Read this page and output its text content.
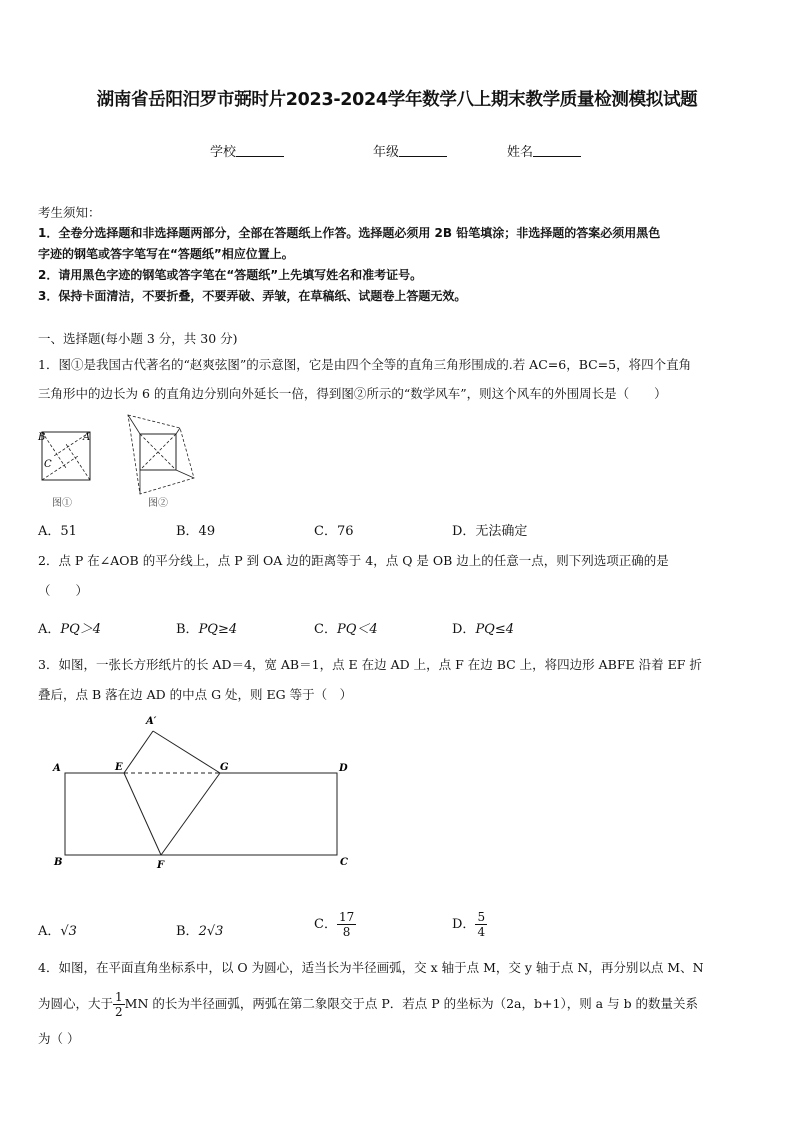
湖南省岳阳汨罗市弼时片2023-2024学年数学八上期末教学质量检测模拟试题
学校	年级	姓名
考生须知：
1．全卷分选择题和非选择题两部分，全部在答题纸上作答。选择题必须用 2B 铅笔填涂；非选择题的答案必须用黑色
字迹的钢笔或答字笔写在“答题纸”相应位置上。
2．请用黑色字迹的钢笔或答字笔在“答题纸”上先填写姓名和准考证号。
3．保持卡面清洁，不要折叠，不要弄破、弄皱，在草稿纸、试题卷上答题无效。
一、选择题(每小题 3 分，共 30 分)
1．图①是我国古代著名的“赵爽弦图”的示意图，它是由四个全等的直角三角形围成的.若 AC=6，BC=5，将四个直角
三角形中的边长为 6 的直角边分别向外延长一倍，得到图②所示的“数学风车”，则这个风车的外围周长是（　　）
B	A
C
图①	图②
A．51	B．49	C．76	D．无法确定
2．点 P 在∠AOB 的平分线上，点 P 到 OA 边的距离等于 4，点 Q 是 OB 边上的任意一点，则下列选项正确的是
（　　）
A．PQ＞4	B．PQ≥4	C．PQ＜4	D．PQ≤4
3．如图，一张长方形纸片的长 AD＝4，宽 AB＝1，点 E 在边 AD 上，点 F 在边 BC 上，将四边形 ABFE 沿着 EF 折
叠后，点 B 落在边 AD 的中点 G 处，则 EG 等于（　）
A′
A	E	G	D
B	F	C
A．√3	B．2√3	C． $\frac{17}{8}$	D． $\frac{5}{4}$
4．如图，在平面直角坐标系中，以 O 为圆心，适当长为半径画弧，交 x 轴于点 M，交 y 轴于点 N，再分别以点 M、N
为圆心，大于 $\frac{1}{2}$ MN 的长为半径画弧，两弧在第二象限交于点 P．若点 P 的坐标为（2a，b+1），则 a 与 b 的数量关系
为（ ）
